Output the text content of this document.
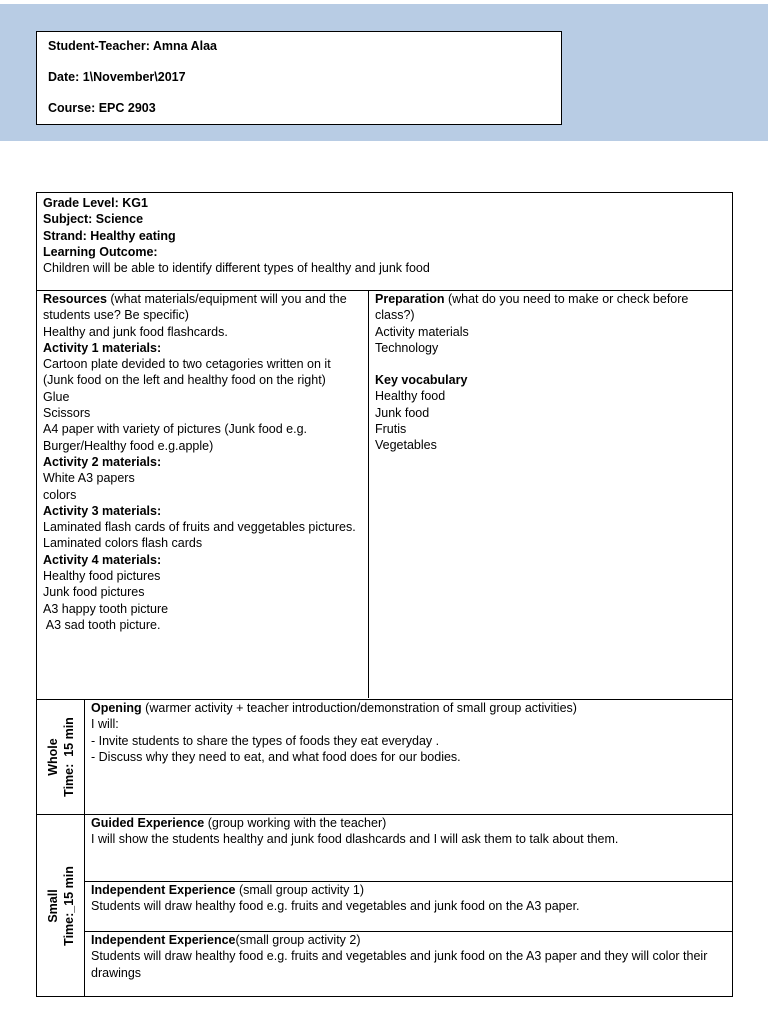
Student-Teacher: Amna Alaa
Date: 1\November\2017
Course: EPC 2903
Grade Level: KG1
Subject: Science
Strand: Healthy eating
Learning Outcome:
Children will be able to identify different types of healthy and junk food
Resources (what materials/equipment will you and the students use? Be specific)
Healthy and junk food flashcards.
Activity 1 materials:
Cartoon plate devided to two cetagories written on it (Junk food on the left and healthy food on the right)
Glue
Scissors
A4 paper with variety of pictures (Junk food e.g. Burger/Healthy food e.g.apple)
Activity 2 materials:
White A3 papers
colors
Activity 3 materials:
Laminated flash cards of fruits and veggetables pictures.
Laminated colors flash cards
Activity 4 materials:
Healthy food pictures
Junk food pictures
A3 happy tooth picture
A3 sad tooth picture.
Preparation (what do you need to make or check before class?)
Activity materials
Technology
Key vocabulary
Healthy food
Junk food
Frutis
Vegetables
Whole Time:  15 min
Opening (warmer activity + teacher introduction/demonstration of small group activities)
I will:
- Invite students to share the types of foods they eat everyday .
- Discuss why they need to eat, and what food does for our bodies.
Small Time:_15 min
Guided Experience (group working with the teacher)
I will show the students healthy and junk food dlashcards and I will ask them to talk about them.
Independent Experience (small group activity 1)
Students will draw healthy food e.g. fruits and vegetables and junk food on the A3 paper.
Independent Experience(small group activity 2)
Students will draw healthy food e.g. fruits and vegetables and junk food on the A3 paper and they will color their drawings
